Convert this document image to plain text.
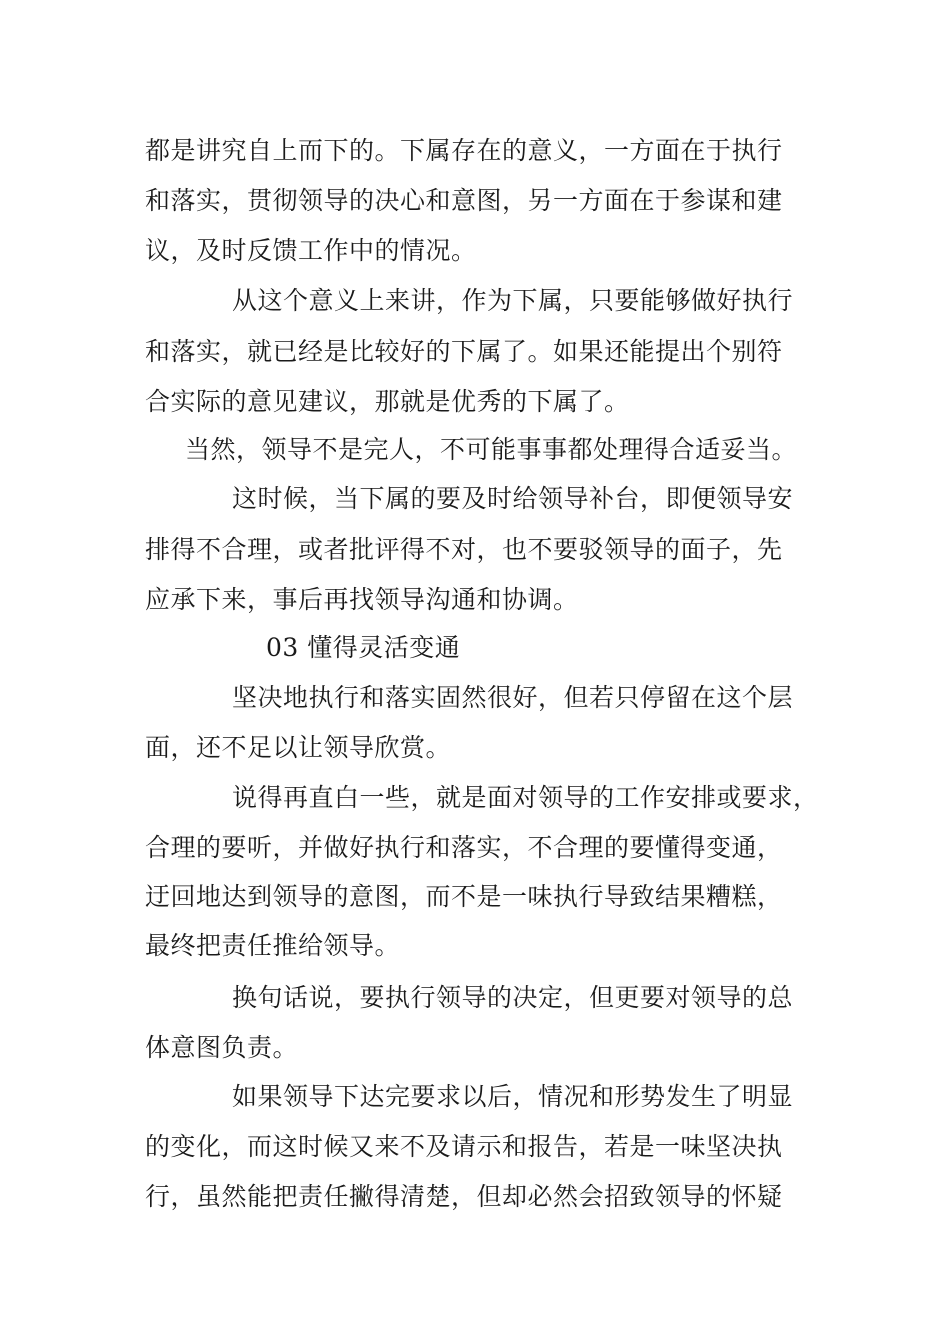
都是讲究自上而下的。下属存在的意义，一方面在于执行
和落实，贯彻领导的决心和意图，另一方面在于参谋和建
议，及时反馈工作中的情况。
从这个意义上来讲，作为下属，只要能够做好执行
和落实，就已经是比较好的下属了。如果还能提出个别符
合实际的意见建议，那就是优秀的下属了。
当然，领导不是完人，不可能事事都处理得合适妥当。
这时候，当下属的要及时给领导补台，即便领导安
排得不合理，或者批评得不对，也不要驳领导的面子，先
应承下来，事后再找领导沟通和协调。
03 懂得灵活变通
坚决地执行和落实固然很好，但若只停留在这个层
面，还不足以让领导欣赏。
说得再直白一些，就是面对领导的工作安排或要求，
合理的要听，并做好执行和落实，不合理的要懂得变通，
迂回地达到领导的意图，而不是一味执行导致结果糟糕，
最终把责任推给领导。
换句话说，要执行领导的决定，但更要对领导的总
体意图负责。
如果领导下达完要求以后，情况和形势发生了明显
的变化，而这时候又来不及请示和报告，若是一味坚决执
行，虽然能把责任撇得清楚，但却必然会招致领导的怀疑
